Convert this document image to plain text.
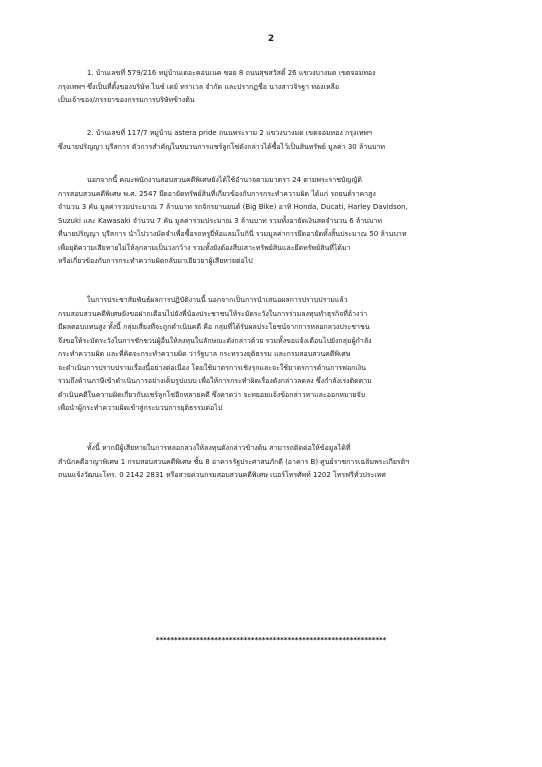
2
1. บ้านเลขที่ 579/216 หมู่บ้านเดอะคอนเนค ซอย 8 ถนนสุขสวัสดิ์ 26 แขวงบางมด เขตจอมทอง
กรุงเทพฯ ซึ่งเป็นที่ตั้งของบริษัท ไนซ์ เดย์ ทราเวล จำกัด และปรากฏชื่อ นางสาวจิรฐา ทองเหลือ
เป็นเจ้าของ/ภรรยาของกรรมการบริษัทข้างต้น
2. บ้านเลขที่ 117/7 หมู่บ้าน astera pride ถนนพระราม 2 แขวงบางมด เขตจอมทอง กรุงเทพฯ
ซึ่งนายปริญญา บุรีสการ ตัวการสำคัญในขบวนการแชร์ลูกโซ่ดังกล่าวได้ซื้อไว้เป็นสินทรัพย์ มูลค่า 30 ล้านบาท
นอกจากนี้ คณะพนักงานสอบสวนคดีพิเศษยังได้ใช้อำนาจตามมาตรา 24 ตามพระราชบัญญัติ
การสอบสวนคดีพิเศษ พ.ศ. 2547 ยึดอายัดทรัพย์สินที่เกี่ยวข้องกับการกระทำความผิด ได้แก่ รถยนต์ราคาสูง
จำนวน 3 คัน มูลค่ารวมประมาณ 7 ล้านบาท รถจักรยานยนต์ (Big Bike) อาทิ Honda, Ducati, Harley Davidson,
Suzuki และ Kawasaki จำนวน 7 คัน มูลค่ารวมประมาณ 3 ล้านบาท รวมทั้งอายัดเงินสดจำนวน 6 ล้านบาท
ที่นายปริญญา บุรีสการ นำไปวางมัดจำเพื่อซื้อรถหรูยี่ห้อแลมโบกินี่ รวมมูลค่าการยึดอายัดทั้งสิ้นประมาณ 50 ล้านบาท
เพื่อยุติความเสียหายไม่ให้ลุกลามเป็นวงกว้าง รวมทั้งยังต้องสืบเสาะทรัพย์สินและยึดทรัพย์สินที่ได้มา
หรือเกี่ยวข้องกับการกระทำความผิดกลับมาเยียวยาผู้เสียหายต่อไป
ในการประชาสัมพันธ์ผลการปฏิบัติงานนี้ นอกจากเป็นการนำเสนอผลการปราบปรามแล้ว
กรมสอบสวนคดีพิเศษยังขอฝากเตือนไปยังพี่น้องประชาชนให้ระมัดระวังในการร่วมลงทุนทำธุรกิจที่อ้างว่า
มีผลตอบแทนสูง ทั้งนี้ กลุ่มเสี่ยงที่จะถูกดำเนินคดี คือ กลุ่มที่ได้รับผลประโยชน์จากการหลอกลวงประชาชน
จึงขอให้ระมัดระวังในการชักชวนผู้อื่นให้ลงทุนในลักษณะดังกล่าวด้วย รวมทั้งขอแจ้งเตือนไปยังกลุ่มผู้กำลัง
กระทำความผิด และที่คิดจะกระทำความผิด ว่ารัฐบาล กระทรวงยุติธรรม และกรมสอบสวนคดีพิเศษ
จะดำเนินการปราบปรามเรื่องนี้อย่างต่อเนื่อง โดยใช้มาตรการเชิงรุกและจะใช้มาตรการด้านการฟอกเงิน
รวมถึงด้านภาษีเข้าดำเนินการอย่างเต็มรูปแบบ เพื่อให้การกระทำผิดเรื่องดังกล่าวลดลง ซึ่งกำลังเร่งติดตาม
ดำเนินคดีในความผิดเกี่ยวกับแชร์ลูกโซ่อีกหลายคดี ซึ่งคาดว่า จะทยอยแจ้งข้อกล่าวหาและออกหมายจับ
เพื่อนำผู้กระทำความผิดเข้าสู่กระบวนการยุติธรรมต่อไป
ทั้งนี้ หากมีผู้เสียหายในการหลอกลวงให้ลงทุนดังกล่าวข้างต้น สามารถติดต่อให้ข้อมูลได้ที่
สำนักคดีอาญาพิเศษ 1 กรมสอบสวนคดีพิเศษ ชั้น 8 อาคารรัฐประศาสนภักดี (อาคาร B) ศูนย์ราชการเฉลิมพระเกียรติฯ
ถนนแจ้งวัฒนะโทร. 0 2142 2831 หรือสายด่วนกรมสอบสวนคดีพิเศษ เบอร์โทรศัพท์ 1202 โทรฟรีทั่วประเทศ
***************************************************************
